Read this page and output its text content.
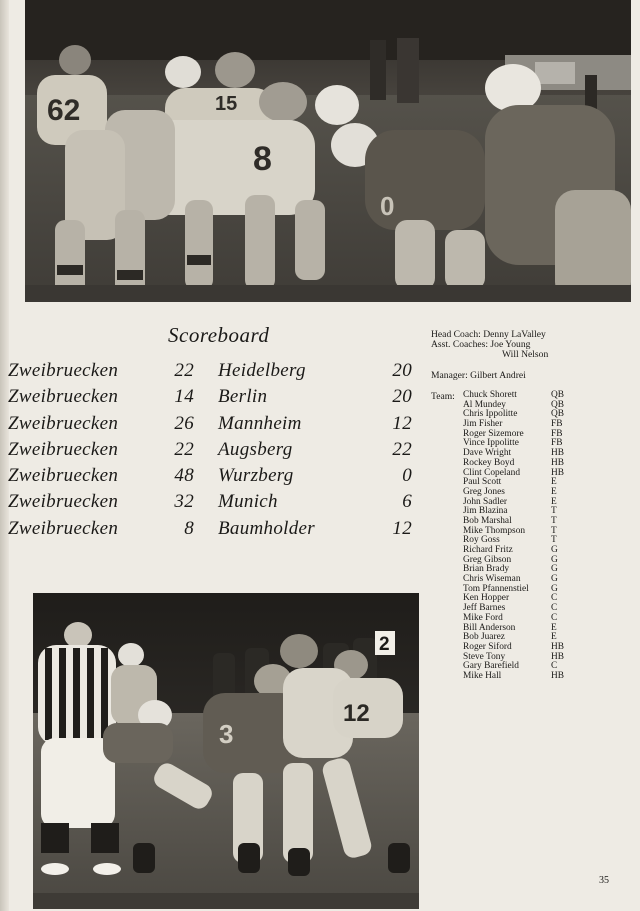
62
8
15
0
Scoreboard
Zweibruecken	22 Heidelberg	20
Zweibruecken	14 Berlin	20
Zweibruecken	26 Mannheim	12
Zweibruecken	22 Augsberg	22
Zweibruecken	48 Wurzberg	0
Zweibruecken	32 Munich	6
Zweibruecken	8 Baumholder	12
Head Coach: Denny LaValley
Asst. Coaches: Joe Young
Will Nelson
Manager: Gilbert Andrei
Team: Chuck Shorett	QB
Al Mundey	QB
Chris Ippolitte	QB
Jim Fisher	FB
Roger Sizemore	FB
Vince Ippolitte	FB
Dave Wright	HB
Rockey Boyd	HB
Clint Copeland	HB
Paul Scott	E
Greg Jones	E
John Sadler	E
Jim Blazina	T
Bob Marshal	T
Mike Thompson	T
Roy Goss	T
Richard Fritz	G
Greg Gibson	G
Brian Brady	G
Chris Wiseman	G
Tom Pfannenstiel G
Ken Hopper	C
Jeff Barnes	C
Mike Ford	C
Bill Anderson	E
Bob Juarez	E
Roger Siford	HB
Steve Tony	HB
Gary Barefield	C
Mike Hall	HB
2
12
3
35
